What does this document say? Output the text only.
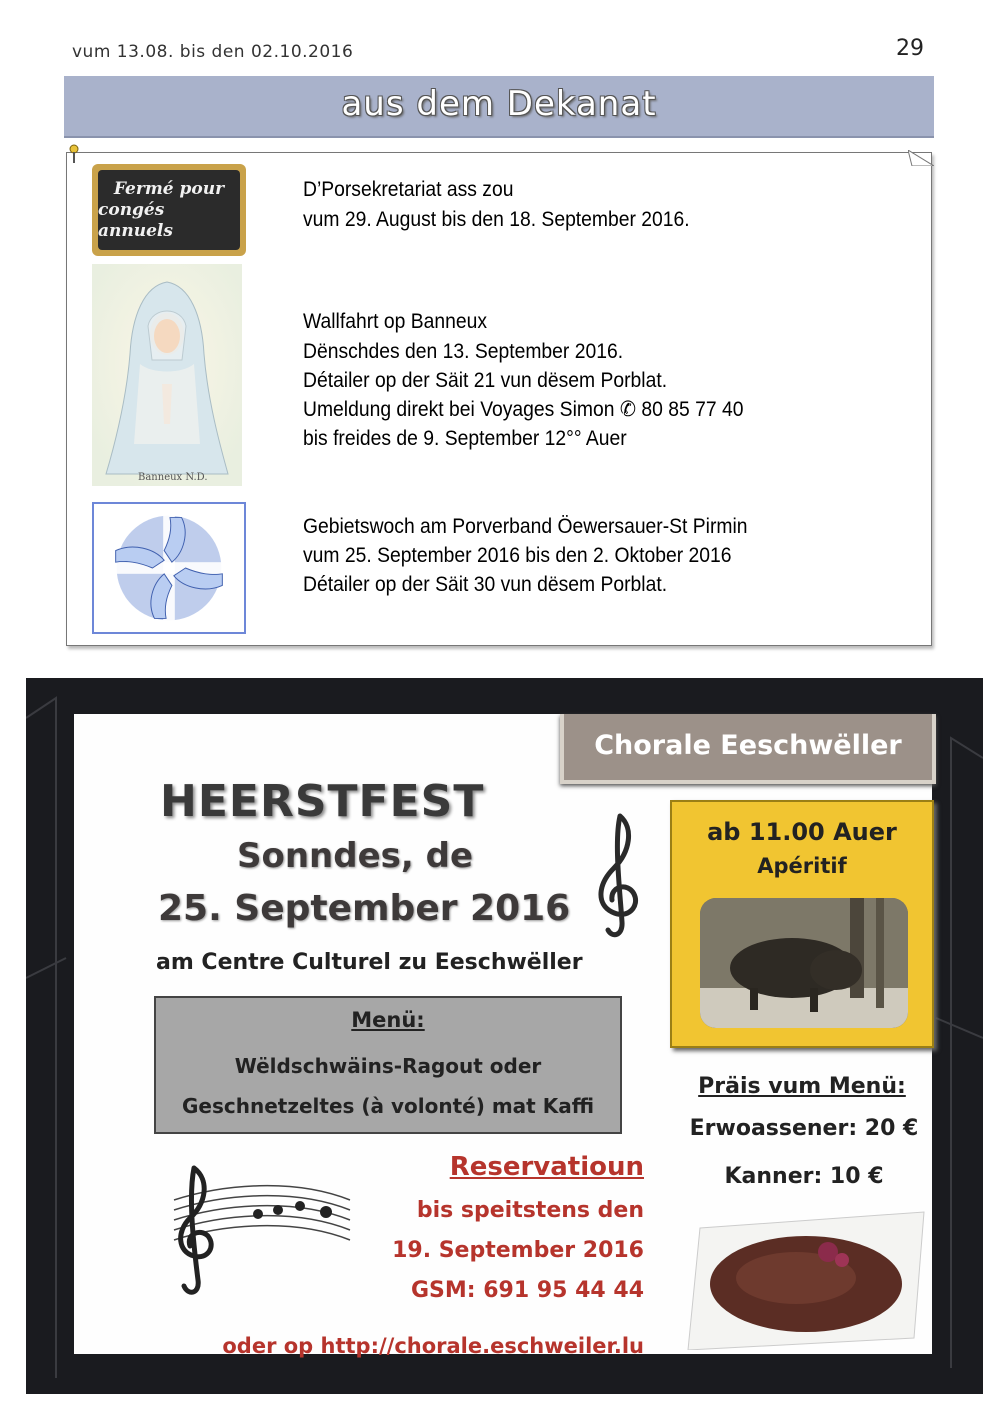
vum 13.08. bis den 02.10.2016	29
aus dem Dekanat
Fermé pour
congés annuels
Banneux N.D.
D’Porsekretariat ass zou
vum 29. August bis den 18. September 2016.
Wallfahrt op Banneux
Dënschdes den 13. September 2016.
Détailer op der Säit 21 vun dësem Porblat.
Umeldung direkt bei Voyages Simon ✆ 80 85 77 40
bis freides de 9. September 12°° Auer
Gebietswoch am Porverband Öewersauer-St Pirmin
vum 25. September 2016 bis den 2. Oktober 2016
Détailer op der Säit 30 vun dësem Porblat.
Chorale Eeschwëller
HEERSTFEST
Sonndes, de
25. September 2016
am Centre Culturel zu Eeschwëller
Menü:
Wëldschwäins-Ragout oder
Geschnetzeltes (à volonté) mat Kaffi
ab 11.00 Auer
Apéritif
Präis vum Menü:
Erwoassener: 20 €
Kanner: 10 €
Reservatioun
bis speitstens den
19. September 2016
GSM: 691 95 44 44
oder op http://chorale.eschweiler.lu
